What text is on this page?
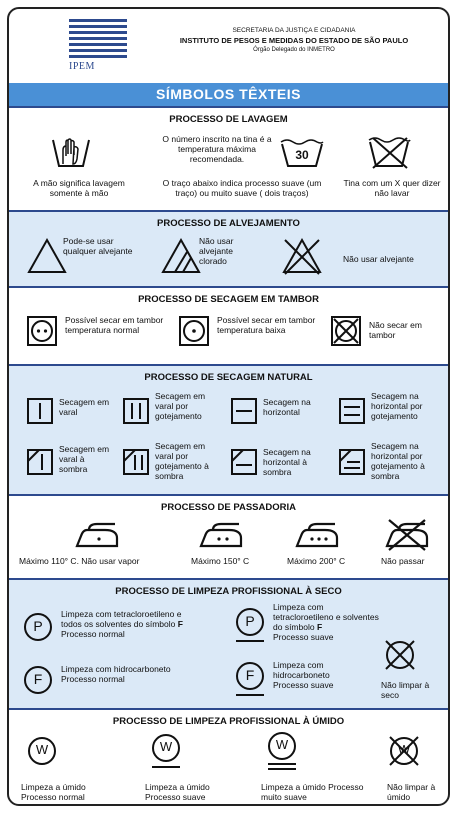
IPEM
SECRETARIA DA JUSTIÇA E CIDADANIA
INSTITUTO DE PESOS E MEDIDAS DO ESTADO DE SÃO PAULO
Órgão Delegado do INMETRO
SÍMBOLOS TÊXTEIS
PROCESSO DE LAVAGEM
A mão significa lavagem somente à mão
O número inscrito na tina é a temperatura máxima recomendada.	30
O traço abaixo indica processo suave (um traço) ou muito suave ( dois traços)
Tina com um X quer dizer não lavar
PROCESSO DE ALVEJAMENTO
Pode-se usar qualquer alvejante
Não usar alvejante clorado	Não usar alvejante
PROCESSO DE SECAGEM EM TAMBOR
Possível secar em tambor temperatura normal
Possível secar em tambor temperatura baixa	Não secar em tambor
PROCESSO DE SECAGEM NATURAL
Secagem em varal
Secagem em varal por gotejamento
Secagem na horizontal
Secagem na horizontal por gotejamento
Secagem em varal à sombra
Secagem em varal por gotejamento à sombra
Secagem na horizontal à sombra
Secagem na horizontal por gotejamento à sombra
PROCESSO DE PASSADORIA
Máximo 110° C. Não usar vapor	Máximo 150° C	Máximo 200° C	Não passar
PROCESSO DE LIMPEZA PROFISSIONAL À SECO
P
Limpeza com tetracloroetileno e todos os solventes do símbolo F
Processo normal
P
Limpeza com tetracloroetileno e solventes do símbolo F
Processo suave
F
Limpeza com hidrocarboneto Processo normal	F
Limpeza com hidrocarboneto Processo suave	Não limpar à seco
PROCESSO DE LIMPEZA PROFISSIONAL À ÚMIDO
W
Limpeza a úmido Processo normal
W
Limpeza a úmido Processo suave
W
Limpeza a úmido Processo muito suave
W
Não limpar à úmido
